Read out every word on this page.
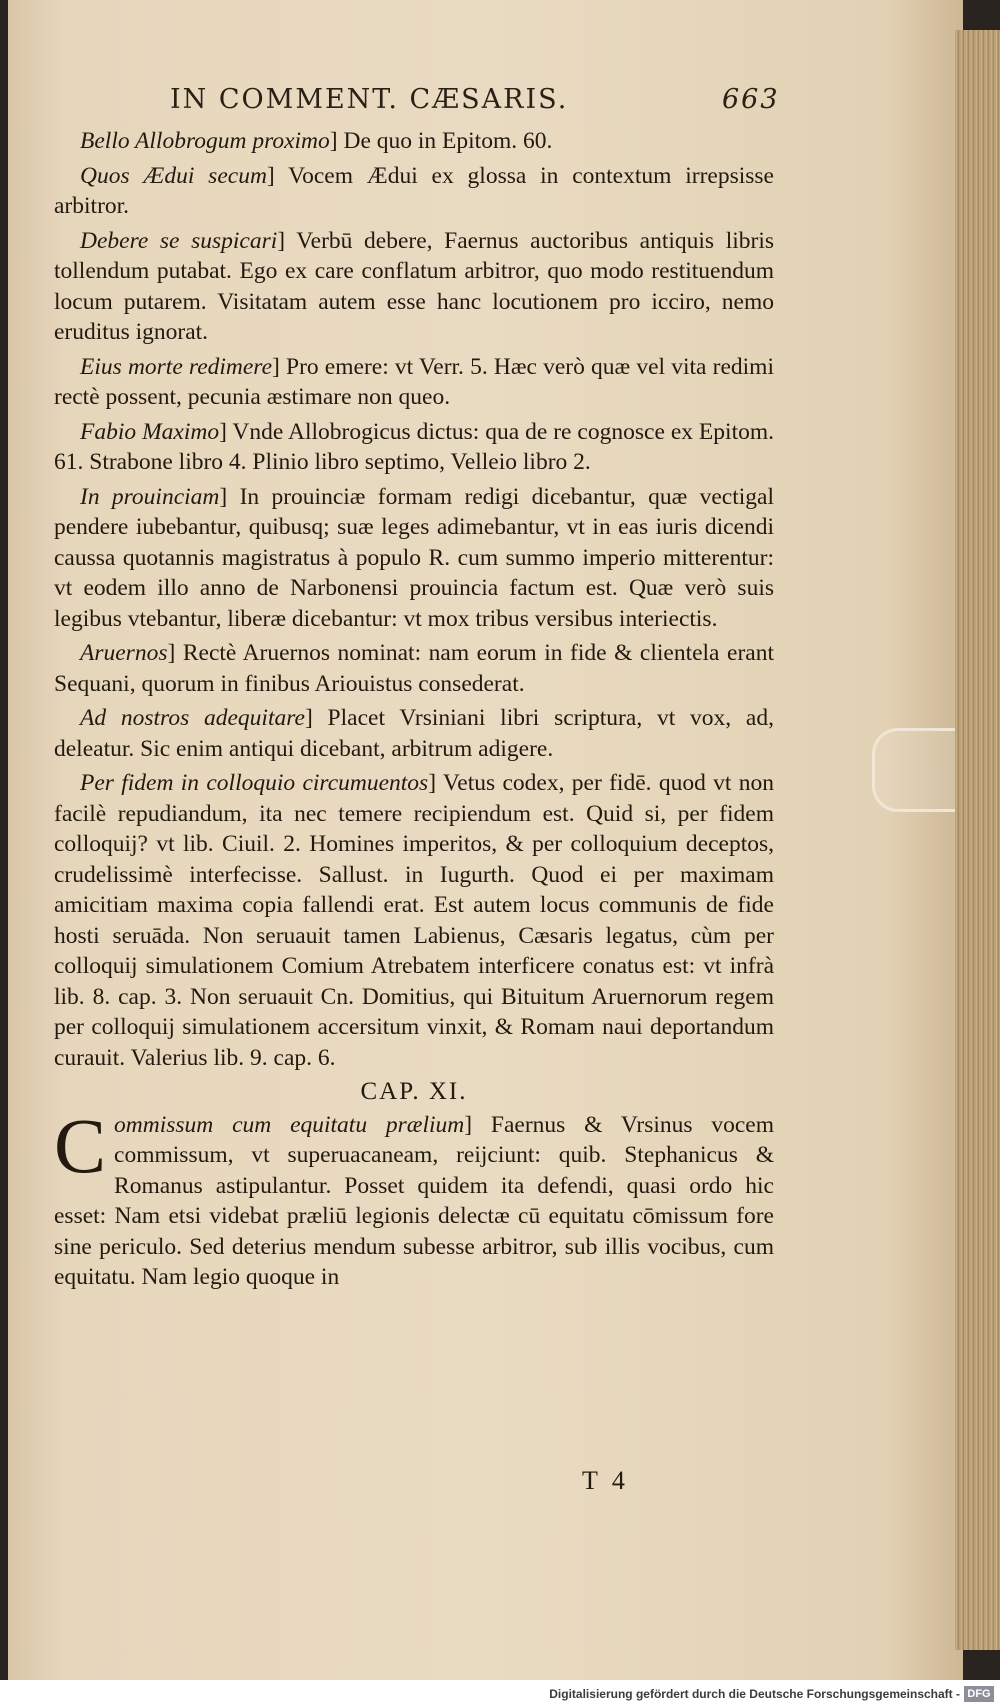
IN COMMENT. CÆSARIS.	663

Bello Allobrogum proximo] De quo in Epitom. 60.

Quos Ædui secum] Vocem Ædui ex glossa in contextum irrepsisse arbitror.

Debere se suspicari] Verbū debere, Faernus auctoribus antiquis libris tollendum putabat. Ego ex care conflatum arbitror, quo modo restituendum locum putarem. Visitatam autem esse hanc locutionem pro icciro, nemo eruditus ignorat.

Eius morte redimere] Pro emere: vt Verr. 5. Hæc verò quæ vel vita redimi rectè possent, pecunia æstimare non queo.

Fabio Maximo] Vnde Allobrogicus dictus: qua de re cognosce ex Epitom. 61. Strabone libro 4. Plinio libro septimo, Velleio libro 2.

In prouinciam] In prouinciæ formam redigi dicebantur, quæ vectigal pendere iubebantur, quibusq; suæ leges adimebantur, vt in eas iuris dicendi caussa quotannis magistratus à populo R. cum summo imperio mitterentur: vt eodem illo anno de Narbonensi prouincia factum est. Quæ verò suis legibus vtebantur, liberæ dicebantur: vt mox tribus versibus interiectis.

Aruernos] Rectè Aruernos nominat: nam eorum in fide & clientela erant Sequani, quorum in finibus Ariouistus consederat.

Ad nostros adequitare] Placet Vrsiniani libri scriptura, vt vox, ad, deleatur. Sic enim antiqui dicebant, arbitrum adigere.

Per fidem in colloquio circumuentos] Vetus codex, per fidē. quod vt non facilè repudiandum, ita nec temere recipiendum est. Quid si, per fidem colloquij? vt lib. Ciuil. 2. Homines imperitos, & per colloquium deceptos, crudelissimè interfecisse. Sallust. in Iugurth. Quod ei per maximam amicitiam maxima copia fallendi erat. Est autem locus communis de fide hosti seruāda. Non seruauit tamen Labienus, Cæsaris legatus, cùm per colloquij simulationem Comium Atrebatem interficere conatus est: vt infrà lib. 8. cap. 3. Non seruauit Cn. Domitius, qui Bituitum Aruernorum regem per colloquij simulationem accersitum vinxit, & Romam naui deportandum curauit. Valerius lib. 9. cap. 6.

CAP. XI.

Commissum cum equitatu prælium] Faernus & Vrsinus vocem commissum, vt superuacaneam, reijciunt: quib. Stephanicus & Romanus astipulantur. Posset quidem ita defendi, quasi ordo hic esset: Nam etsi videbat præliū legionis delectæ cū equitatu cōmissum fore sine periculo. Sed deterius mendum subesse arbitror, sub illis vocibus, cum equitatu. Nam legio quoque in

T 4
Digitalisierung gefördert durch die Deutsche Forschungsgemeinschaft - DFG
